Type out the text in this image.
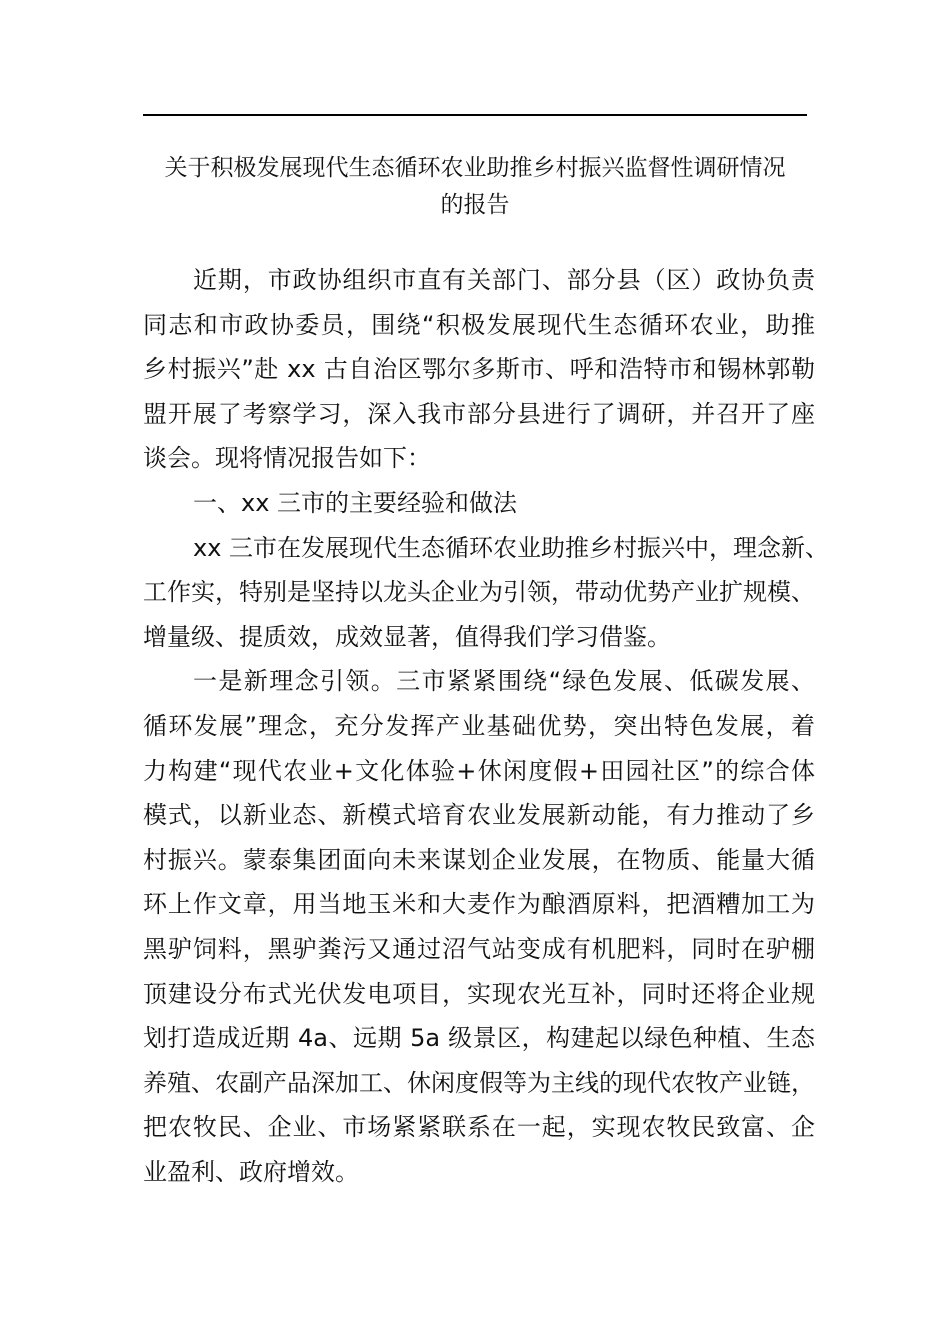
关于积极发展现代生态循环农业助推乡村振兴监督性调研情况
的报告
近期，市政协组织市直有关部门、部分县（区）政协负责
同志和市政协委员，围绕“积极发展现代生态循环农业，助推
乡村振兴”赴 xx 古自治区鄂尔多斯市、呼和浩特市和锡林郭勒
盟开展了考察学习，深入我市部分县进行了调研，并召开了座
谈会。现将情况报告如下：
一、xx 三市的主要经验和做法
xx 三市在发展现代生态循环农业助推乡村振兴中，理念新、
工作实，特别是坚持以龙头企业为引领，带动优势产业扩规模、
增量级、提质效，成效显著，值得我们学习借鉴。
一是新理念引领。三市紧紧围绕“绿色发展、低碳发展、
循环发展”理念，充分发挥产业基础优势，突出特色发展，着
力构建“现代农业+文化体验+休闲度假+田园社区”的综合体
模式，以新业态、新模式培育农业发展新动能，有力推动了乡
村振兴。蒙泰集团面向未来谋划企业发展，在物质、能量大循
环上作文章，用当地玉米和大麦作为酿酒原料，把酒糟加工为
黑驴饲料，黑驴粪污又通过沼气站变成有机肥料，同时在驴棚
顶建设分布式光伏发电项目，实现农光互补，同时还将企业规
划打造成近期 4a、远期 5a 级景区，构建起以绿色种植、生态
养殖、农副产品深加工、休闲度假等为主线的现代农牧产业链，
把农牧民、企业、市场紧紧联系在一起，实现农牧民致富、企
业盈利、政府增效。
